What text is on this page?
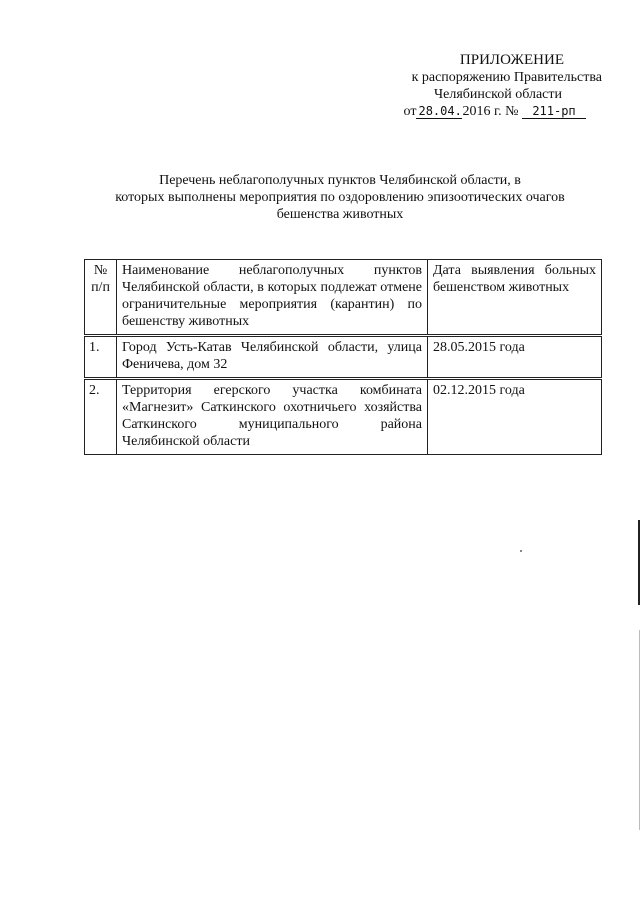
ПРИЛОЖЕНИЕ
к распоряжению Правительства
Челябинской области
от 28.04.2016 г. № 211-рп
Перечень неблагополучных пунктов Челябинской области, в
которых выполнены мероприятия по оздоровлению эпизоотических очагов
бешенства животных
№ п/п	Наименование неблагополучных пунктов Челябинской области, в которых подлежат отмене ограничительные мероприятия (карантин) по бешенству животных	Дата выявления больных бешенством животных
1.	Город Усть-Катав Челябинской области, улица Феничева, дом 32	28.05.2015 года
2.	Территория егерского участка комбината «Магнезит» Саткинского охотничьего хозяйства Саткинского муниципального района Челябинской области	02.12.2015 года
